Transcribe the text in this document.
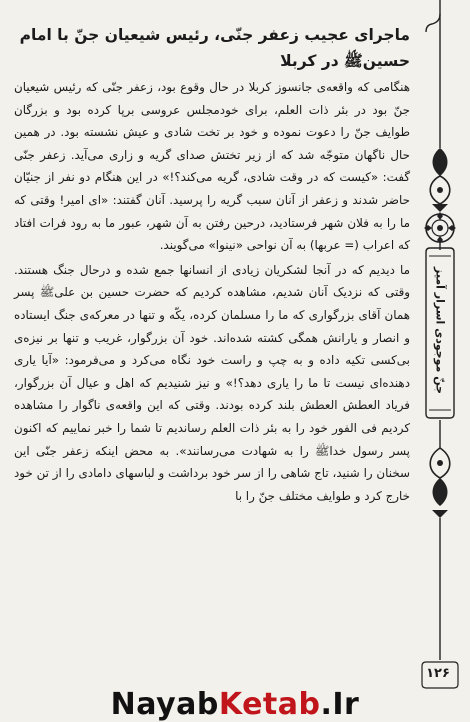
ماجرای عجیب زعفر جنّی، رئیس شیعیان جنّ با امام حسینﷺ در کربلا

هنگامی که واقعه‌ی جانسوز کربلا در حال وقوع بود، زعفر جنّی که رئیس شیعیان جنّ بود در بئر ذات العلم، برای خودمجلس عروسی برپا کرده بود و بزرگان طوایف جنّ را دعوت نموده و خود بر تخت شادی و عیش نشسته بود. در همین حال ناگهان متوجّه شد که از زیر تختش صدای گریه و زاری می‌آید. زعفر جنّی گفت: «کیست که در وقت شادی، گریه می‌کند؟!» در این هنگام دو نفر از جنیّان حاضر شدند و زعفر از آنان سبب گریه را پرسید. آنان گفتند: «ای امیر! وقتی که ما را به فلان شهر فرستادید، درحین رفتن به آن شهر، عبور ما به رود فرات افتاد که اعراب (= عربها) به آن نواحی «نینوا» می‌گویند.

ما دیدیم که در آنجا لشکریان زیادی از انسانها جمع شده و درحال جنگ هستند. وقتی که نزدیک آنان شدیم، مشاهده کردیم که حضرت حسین بن علیﷺ پسر همان آقای بزرگواری که ما را مسلمان کرده، یکّه و تنها در معرکه‌ی جنگ ایستاده و انصار و یارانش همگی کشته شده‌اند. خود آن بزرگوار، غریب و تنها بر نیزه‌ی بی‌کسی تکیه داده و به چپ و راست خود نگاه می‌کرد و می‌فرمود: «آیا یاری دهنده‌ای نیست تا ما را یاری دهد؟!» و نیز شنیدیم که اهل و عیال آن بزرگوار، فریاد العطش العطش بلند کرده بودند. وقتی که این واقعه‌ی ناگوار را مشاهده کردیم فی الفور خود را به بئر ذات العلم رساندیم تا شما را خبر نماییم که اکنون پسر رسول خداﷺ را به شهادت می‌رسانند». به محض اینکه زعفر جنّی این سخنان را شنید، تاج شاهی را از سر خود برداشت و لباسهای دامادی را از تن خود خارج کرد و طوایف مختلف جنّ را با

جنّ موجودی اسرار آمیز
۱۲۶
Nayab Ketab .Ir
